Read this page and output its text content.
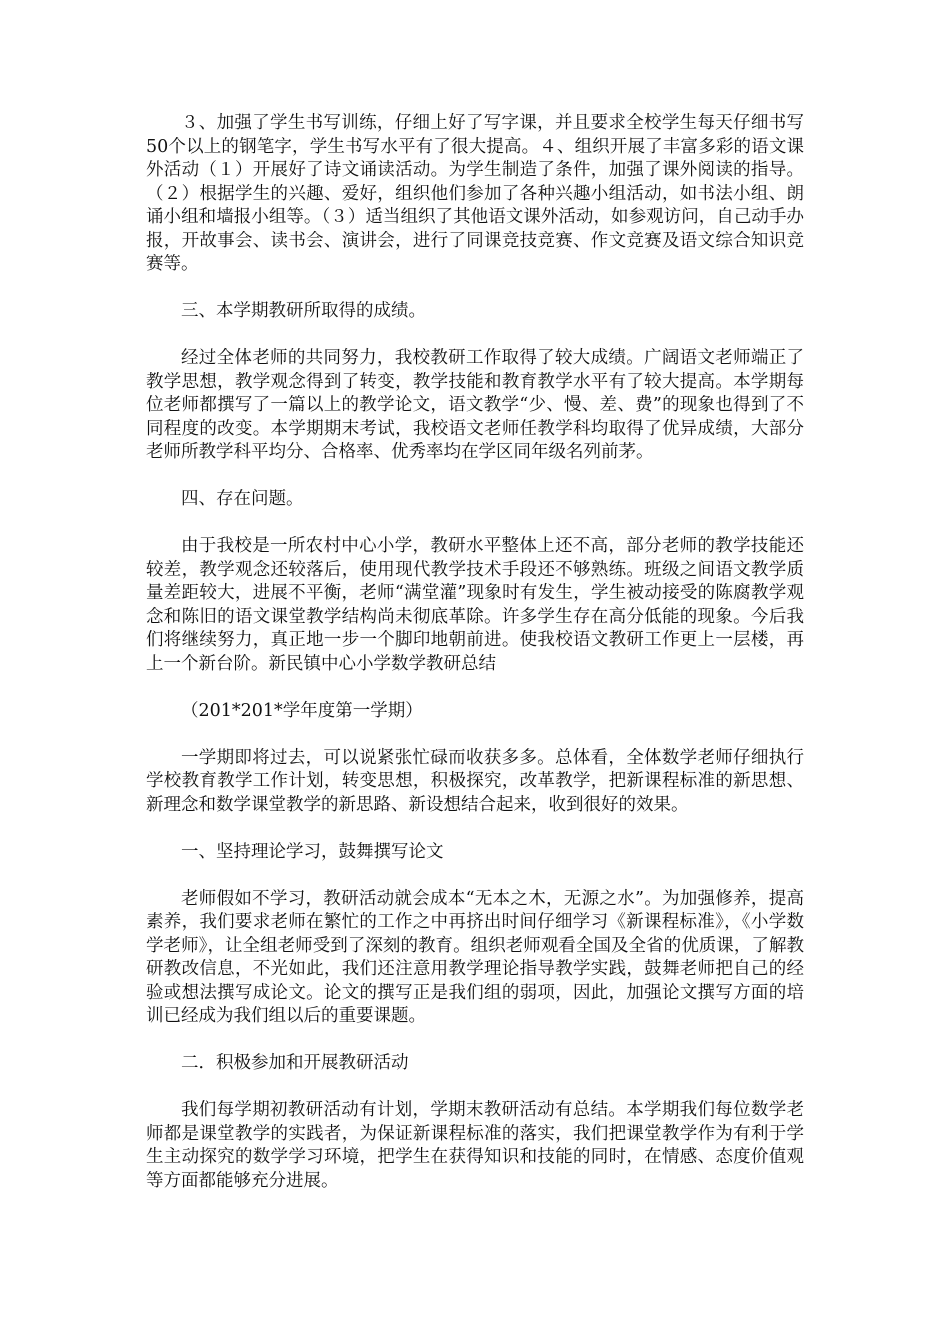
３、加强了学生书写训练，仔细上好了写字课，并且要求全校学生每天仔细书写50个以上的钢笔字，学生书写水平有了很大提高。４、组织开展了丰富多彩的语文课外活动（１）开展好了诗文诵读活动。为学生制造了条件，加强了课外阅读的指导。（２）根据学生的兴趣、爱好，组织他们参加了各种兴趣小组活动，如书法小组、朗诵小组和墙报小组等。（３）适当组织了其他语文课外活动，如参观访问，自己动手办报，开故事会、读书会、演讲会，进行了同课竞技竞赛、作文竞赛及语文综合知识竞赛等。

三、本学期教研所取得的成绩。

经过全体老师的共同努力，我校教研工作取得了较大成绩。广阔语文老师端正了教学思想，教学观念得到了转变，教学技能和教育教学水平有了较大提高。本学期每位老师都撰写了一篇以上的教学论文，语文教学“少、慢、差、费”的现象也得到了不同程度的改变。本学期期末考试，我校语文老师任教学科均取得了优异成绩，大部分老师所教学科平均分、合格率、优秀率均在学区同年级名列前茅。

四、存在问题。

由于我校是一所农村中心小学，教研水平整体上还不高，部分老师的教学技能还较差，教学观念还较落后，使用现代教学技术手段还不够熟练。班级之间语文教学质量差距较大，进展不平衡，老师“满堂灌”现象时有发生，学生被动接受的陈腐教学观念和陈旧的语文课堂教学结构尚未彻底革除。许多学生存在高分低能的现象。今后我们将继续努力，真正地一步一个脚印地朝前进。使我校语文教研工作更上一层楼，再上一个新台阶。新民镇中心小学数学教研总结

（201*201*学年度第一学期）

一学期即将过去，可以说紧张忙碌而收获多多。总体看，全体数学老师仔细执行学校教育教学工作计划，转变思想，积极探究，改革教学，把新课程标准的新思想、新理念和数学课堂教学的新思路、新设想结合起来，收到很好的效果。

一、坚持理论学习，鼓舞撰写论文

老师假如不学习，教研活动就会成本“无本之木，无源之水”。为加强修养，提高素养，我们要求老师在繁忙的工作之中再挤出时间仔细学习《新课程标准》，《小学数学老师》，让全组老师受到了深刻的教育。组织老师观看全国及全省的优质课，了解教研教改信息，不光如此，我们还注意用教学理论指导教学实践，鼓舞老师把自己的经验或想法撰写成论文。论文的撰写正是我们组的弱项，因此，加强论文撰写方面的培训已经成为我们组以后的重要课题。

二．积极参加和开展教研活动

我们每学期初教研活动有计划，学期末教研活动有总结。本学期我们每位数学老师都是课堂教学的实践者，为保证新课程标准的落实，我们把课堂教学作为有利于学生主动探究的数学学习环境，把学生在获得知识和技能的同时，在情感、态度价值观等方面都能够充分进展。
